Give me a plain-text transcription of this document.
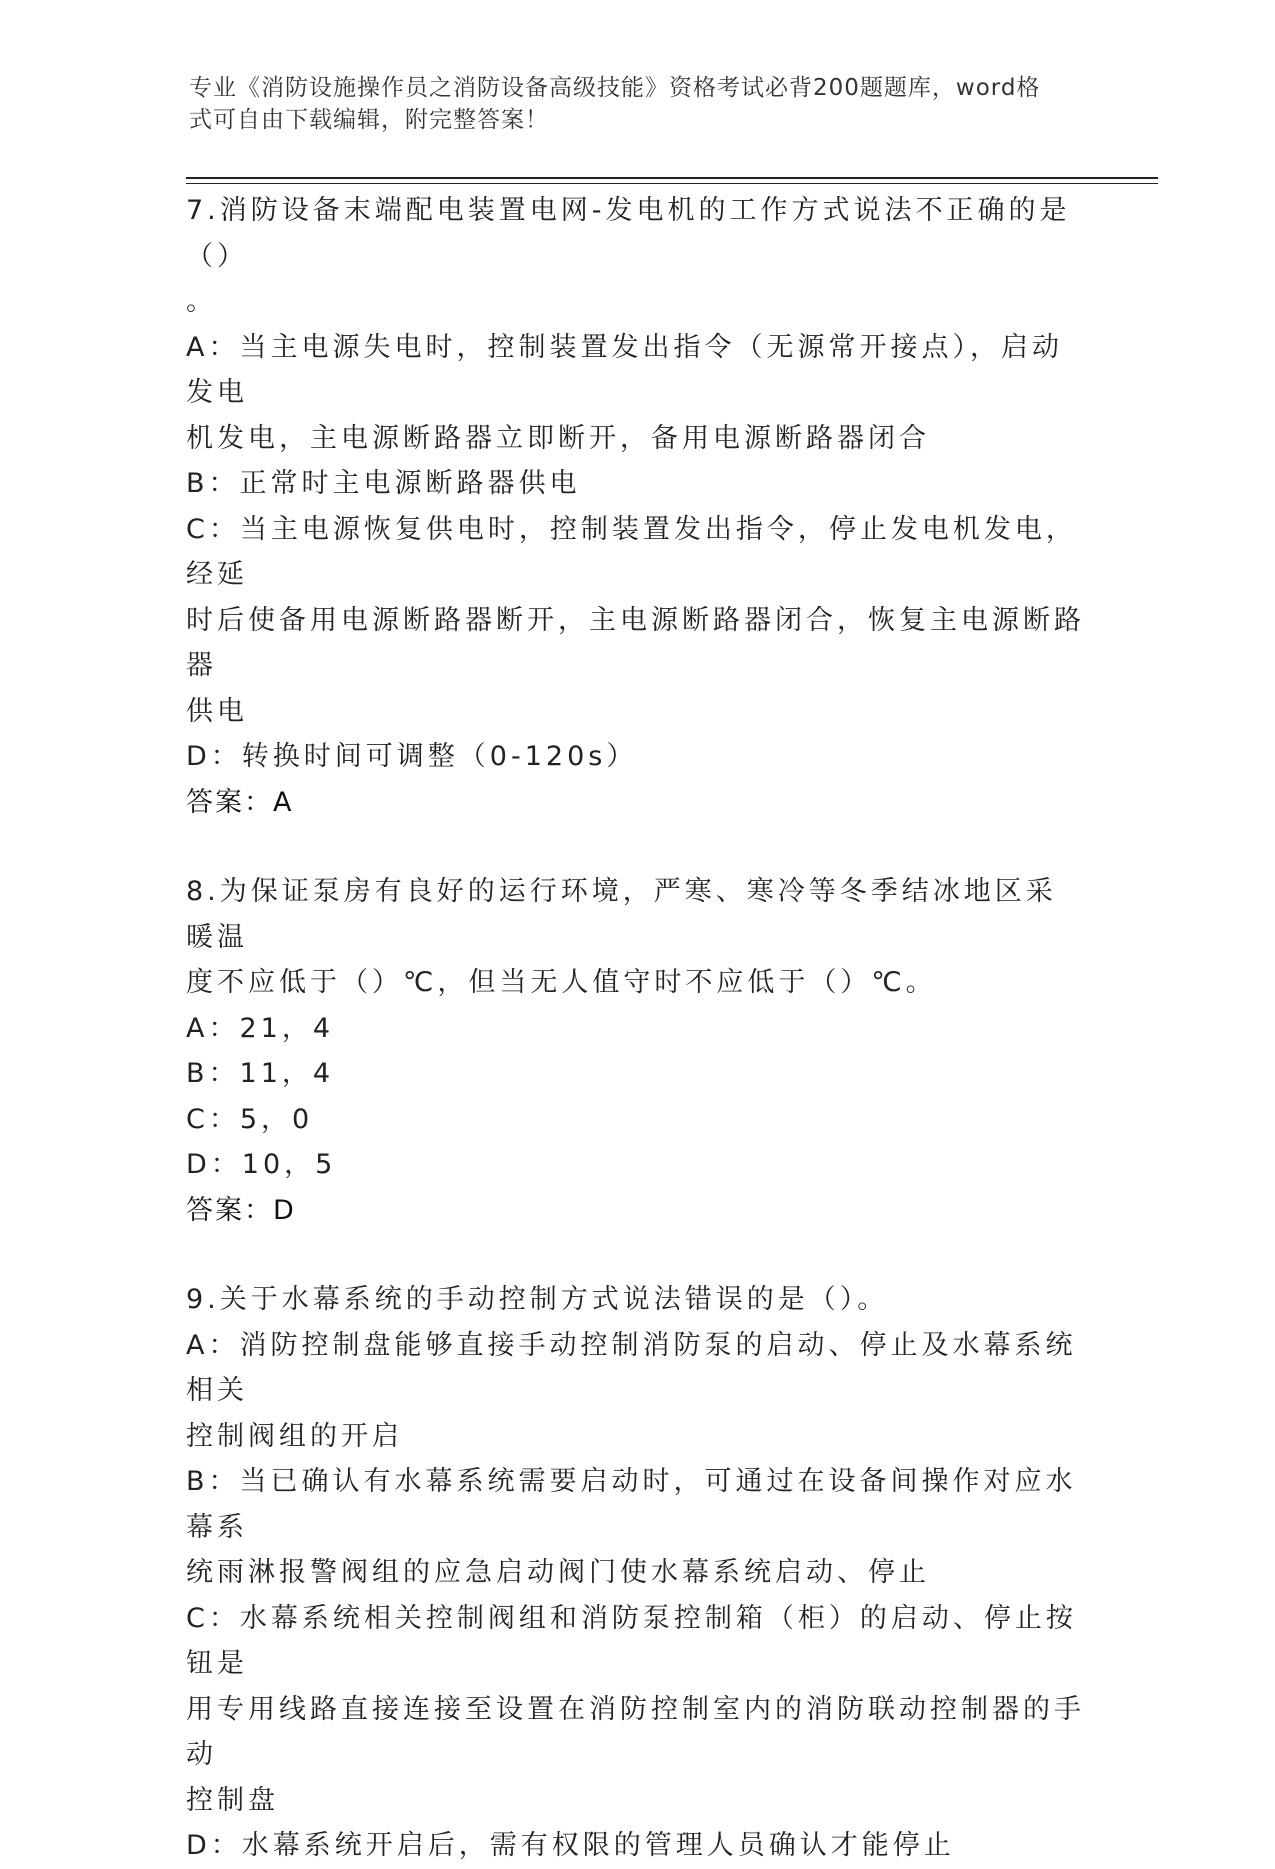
专业《消防设施操作员之消防设备高级技能》资格考试必背200题题库，word格
式可自由下载编辑，附完整答案！
7.消防设备末端配电装置电网-发电机的工作方式说法不正确的是（）
。
A：当主电源失电时，控制装置发出指令（无源常开接点），启动发电
机发电，主电源断路器立即断开，备用电源断路器闭合
B：正常时主电源断路器供电
C：当主电源恢复供电时，控制装置发出指令，停止发电机发电，经延
时后使备用电源断路器断开，主电源断路器闭合，恢复主电源断路器
供电
D：转换时间可调整（0-120s）
答案：A
8.为保证泵房有良好的运行环境，严寒、寒冷等冬季结冰地区采暖温
度不应低于（）℃，但当无人值守时不应低于（）℃。
A：21，4
B：11，4
C：5，0
D：10，5
答案：D
9.关于水幕系统的手动控制方式说法错误的是（）。
A：消防控制盘能够直接手动控制消防泵的启动、停止及水幕系统相关
控制阀组的开启
B：当已确认有水幕系统需要启动时，可通过在设备间操作对应水幕系
统雨淋报警阀组的应急启动阀门使水幕系统启动、停止
C：水幕系统相关控制阀组和消防泵控制箱（柜）的启动、停止按钮是
用专用线路直接连接至设置在消防控制室内的消防联动控制器的手动
控制盘
D：水幕系统开启后，需有权限的管理人员确认才能停止
